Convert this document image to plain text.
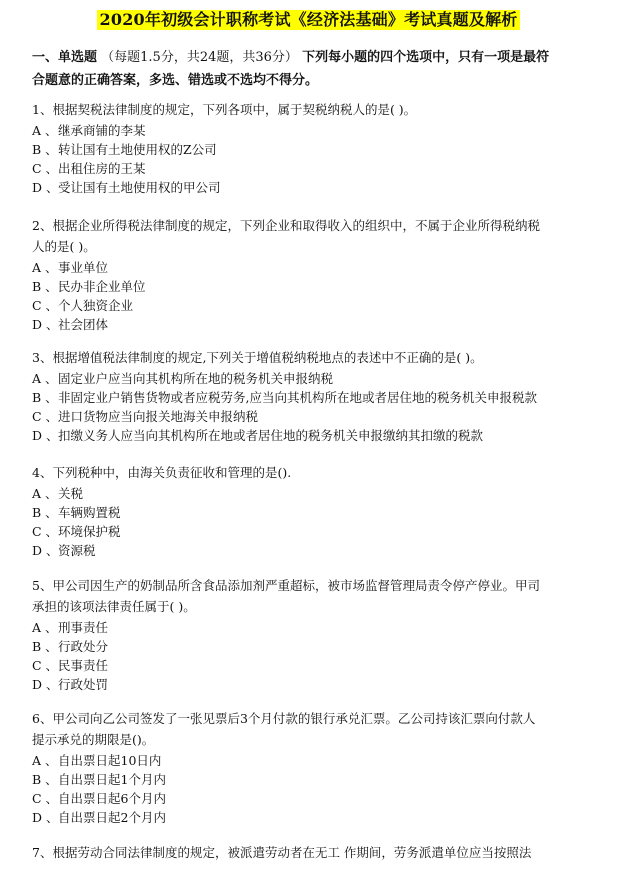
2020年初级会计职称考试《经济法基础》考试真题及解析
一、单选题 （每题1.5分，共24题，共36分） 下列每小题的四个选项中，只有一项是最符
合题意的正确答案，多选、错选或不选均不得分。

1、根据契税法律制度的规定，下列各项中，属于契税纳税人的是( )。

A 、继承商铺的李某

B 、转让国有土地使用权的Z公司

C 、出租住房的王某

D 、受让国有土地使用权的甲公司

2、根据企业所得税法律制度的规定，下列企业和取得收入的组织中，不属于企业所得税纳税

人的是( )。

A 、事业单位

B 、民办非企业单位

C 、个人独资企业

D 、社会团体

3、根据增值税法律制度的规定,下列关于增值税纳税地点的表述中不正确的是( )。

A 、固定业户应当向其机构所在地的税务机关申报纳税

B 、非固定业户销售货物或者应税劳务,应当向其机构所在地或者居住地的税务机关申报税款

C 、进口货物应当向报关地海关申报纳税

D 、扣缴义务人应当向其机构所在地或者居住地的税务机关申报缴纳其扣缴的税款

4、下列税种中，由海关负责征收和管理的是().

A 、关税

B 、车辆购置税

C 、环境保护税

D 、资源税

5、甲公司因生产的奶制品所含食品添加剂严重超标，被市场监督管理局责令停产停业。甲司

承担的该项法律责任属于( )。

A 、刑事责任

B 、行政处分

C 、民事责任

D 、行政处罚

6、甲公司向乙公司签发了一张见票后3个月付款的银行承兑汇票。乙公司持该汇票向付款人

提示承兑的期限是()。

A 、自出票日起10日内

B 、自出票日起1个月内

C 、自出票日起6个月内

D 、自出票日起2个月内

7、根据劳动合同法律制度的规定，被派遣劳动者在无工 作期间，劳务派遣单位应当按照法
